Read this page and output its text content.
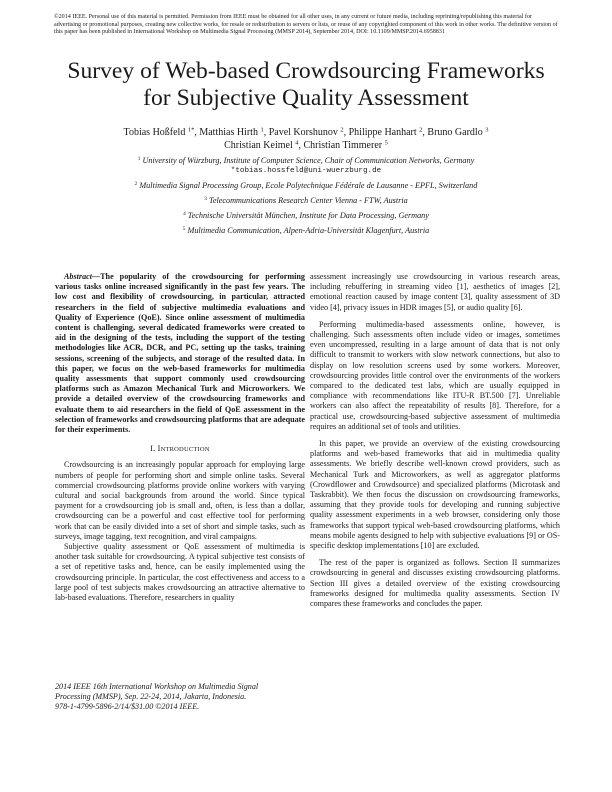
©2014 IEEE. Personal use of this material is permitted. Permission from IEEE must be obtained for all other uses, in any current or future media, including reprinting/republishing this material for advertising or promotional purposes, creating new collective works, for resale or redistribution to servers or lists, or reuse of any copyrighted component of this work in other works. The definitive version of this paper has been published in International Workshop on Multimedia Signal Processing (MMSP 2014), September 2014, DOI: 10.1109/MMSP.2014.6958831
Survey of Web-based Crowdsourcing Frameworks
for Subjective Quality Assessment
Tobias Hoßfeld $^{1*}$, Matthias Hirth $^1$, Pavel Korshunov $^2$, Philippe Hanhart $^2$, Bruno Gardlo $^3$
Christian Keimel $^4$, Christian Timmerer $^5$
$^1$ University of Würzburg, Institute of Computer Science, Chair of Communication Networks, Germany
*tobias.hossfeld@uni-wuerzburg.de
$^2$ Multimedia Signal Processing Group, Ecole Polytechnique Fédérale de Lausanne - EPFL, Switzerland
$^3$ Telecommunications Research Center Vienna - FTW, Austria
$^4$ Technische Universität München, Institute for Data Processing, Germany
$^5$ Multimedia Communication, Alpen-Adria-Universität Klagenfurt, Austria

Abstract—The popularity of the crowdsourcing for performing various tasks online increased significantly in the past few years. The low cost and flexibility of crowdsourcing, in particular, attracted researchers in the field of subjective multimedia evaluations and Quality of Experience (QoE). Since online assessment of multimedia content is challenging, several dedicated frameworks were created to aid in the designing of the tests, including the support of the testing methodologies like ACR, DCR, and PC, setting up the tasks, training sessions, screening of the subjects, and storage of the resulted data. In this paper, we focus on the web-based frameworks for multimedia quality assessments that support commonly used crowdsourcing platforms such as Amazon Mechanical Turk and Microworkers. We provide a detailed overview of the crowdsourcing frameworks and evaluate them to aid researchers in the field of QoE assessment in the selection of frameworks and crowdsourcing platforms that are adequate for their experiments.

I. INTRODUCTION

Crowdsourcing is an increasingly popular approach for employing large numbers of people for performing short and simple online tasks. Several commercial crowdsourcing platforms provide online workers with varying cultural and social backgrounds from around the world. Since typical payment for a crowdsourcing job is small and, often, is less than a dollar, crowdsourcing can be a powerful and cost effective tool for performing work that can be easily divided into a set of short and simple tasks, such as surveys, image tagging, text recognition, and viral campaigns.

Subjective quality assessment or QoE assessment of multimedia is another task suitable for crowdsourcing. A typical subjective test consists of a set of repetitive tasks and, hence, can be easily implemented using the crowdsourcing principle. In particular, the cost effectiveness and access to a large pool of test subjects makes crowdsourcing an attractive alternative to lab-based evaluations. Therefore, researchers in quality

assessment increasingly use crowdsourcing in various research areas, including rebuffering in streaming video [1], aesthetics of images [2], emotional reaction caused by image content [3], quality assessment of 3D video [4], privacy issues in HDR images [5], or audio quality [6].

Performing multimedia-based assessments online, however, is challenging. Such assessments often include video or images, sometimes even uncompressed, resulting in a large amount of data that is not only difficult to transmit to workers with slow network connections, but also to display on low resolution screens used by some workers. Moreover, crowdsourcing provides little control over the environments of the workers compared to the dedicated test labs, which are usually equipped in compliance with recommendations like ITU-R BT.500 [7]. Unreliable workers can also affect the repeatability of results [8]. Therefore, for a practical use, crowdsourcing-based subjective assessment of multimedia requires an additional set of tools and utilities.

In this paper, we provide an overview of the existing crowdsourcing platforms and web-based frameworks that aid in multimedia quality assessments. We briefly describe well-known crowd providers, such as Mechanical Turk and Microworkers, as well as aggregator platforms (Crowdflower and Crowdsource) and specialized platforms (Microtask and Taskrabbit). We then focus the discussion on crowdsourcing frameworks, assuming that they provide tools for developing and running subjective quality assessment experiments in a web browser, considering only those frameworks that support typical web-based crowdsourcing platforms, which means mobile agents designed to help with subjective evaluations [9] or OS-specific desktop implementations [10] are excluded.

The rest of the paper is organized as follows. Section II summarizes crowdsourcing in general and discusses existing crowdsourcing platforms. Section III gives a detailed overview of the existing crowdsourcing frameworks designed for multimedia quality assessments. Section IV compares these frameworks and concludes the paper.

2014 IEEE 16th International Workshop on Multimedia Signal
Processing (MMSP), Sep. 22-24, 2014, Jakarta, Indonesia.
978-1-4799-5896-2/14/$31.00 ©2014 IEEE.
